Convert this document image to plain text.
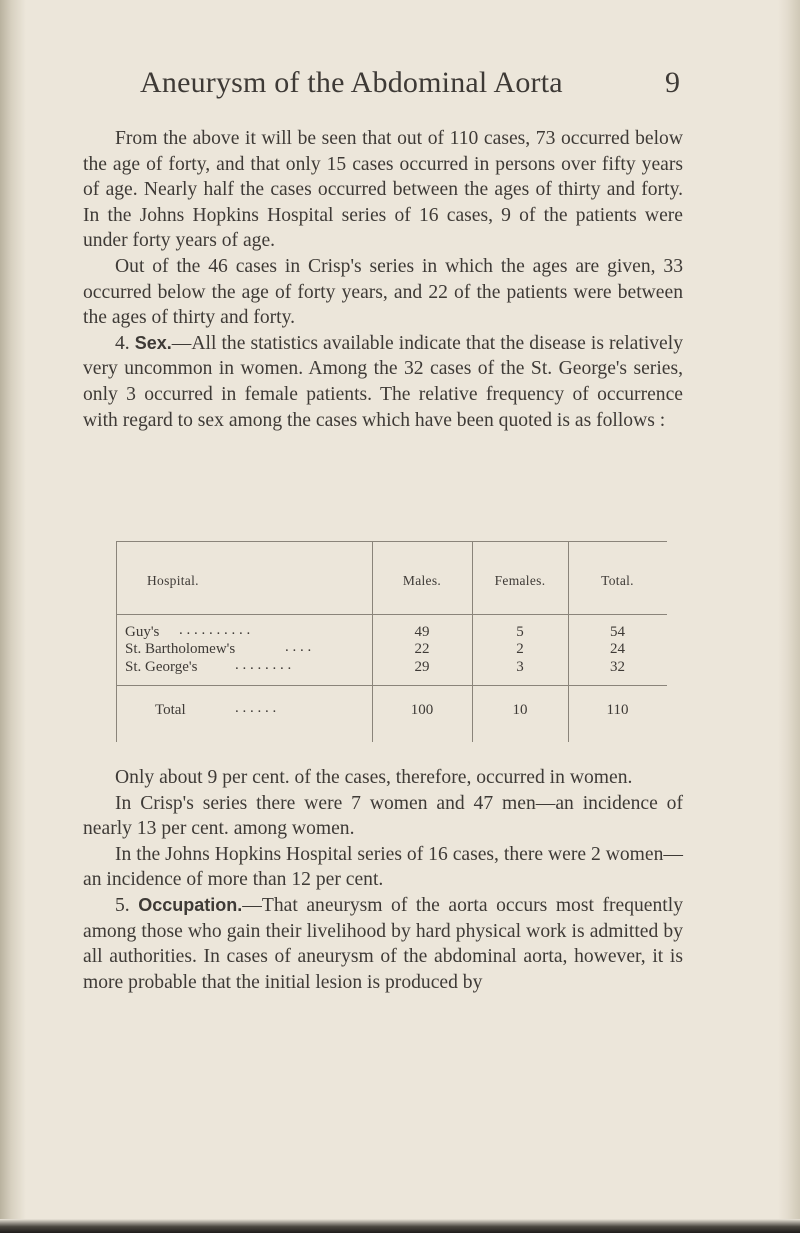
Aneurysm of the Abdominal Aorta	9

From the above it will be seen that out of 110 cases, 73 occurred below the age of forty, and that only 15 cases occurred in persons over fifty years of age. Nearly half the cases occurred between the ages of thirty and forty. In the Johns Hopkins Hospital series of 16 cases, 9 of the patients were under forty years of age.

Out of the 46 cases in Crisp's series in which the ages are given, 33 occurred below the age of forty years, and 22 of the patients were between the ages of thirty and forty.

4. Sex.—All the statistics available indicate that the disease is relatively very uncommon in women. Among the 32 cases of the St. George's series, only 3 occurred in female patients. The relative frequency of occurrence with regard to sex among the cases which have been quoted is as follows :

Hospital.	Males.	Females.	Total.
Guy's . . . . . . . . . .	49	5	54
St. Bartholomew's	. . . .	22	2	24
St. George's	. . . . . . . .	29	3	32
Total	. . . . . .	100	10	110

Only about 9 per cent. of the cases, therefore, occurred in women.

In Crisp's series there were 7 women and 47 men—an incidence of nearly 13 per cent. among women.

In the Johns Hopkins Hospital series of 16 cases, there were 2 women—an incidence of more than 12 per cent.

5. Occupation.—That aneurysm of the aorta occurs most frequently among those who gain their livelihood by hard physical work is admitted by all authorities. In cases of aneurysm of the abdominal aorta, however, it is more probable that the initial lesion is produced by
